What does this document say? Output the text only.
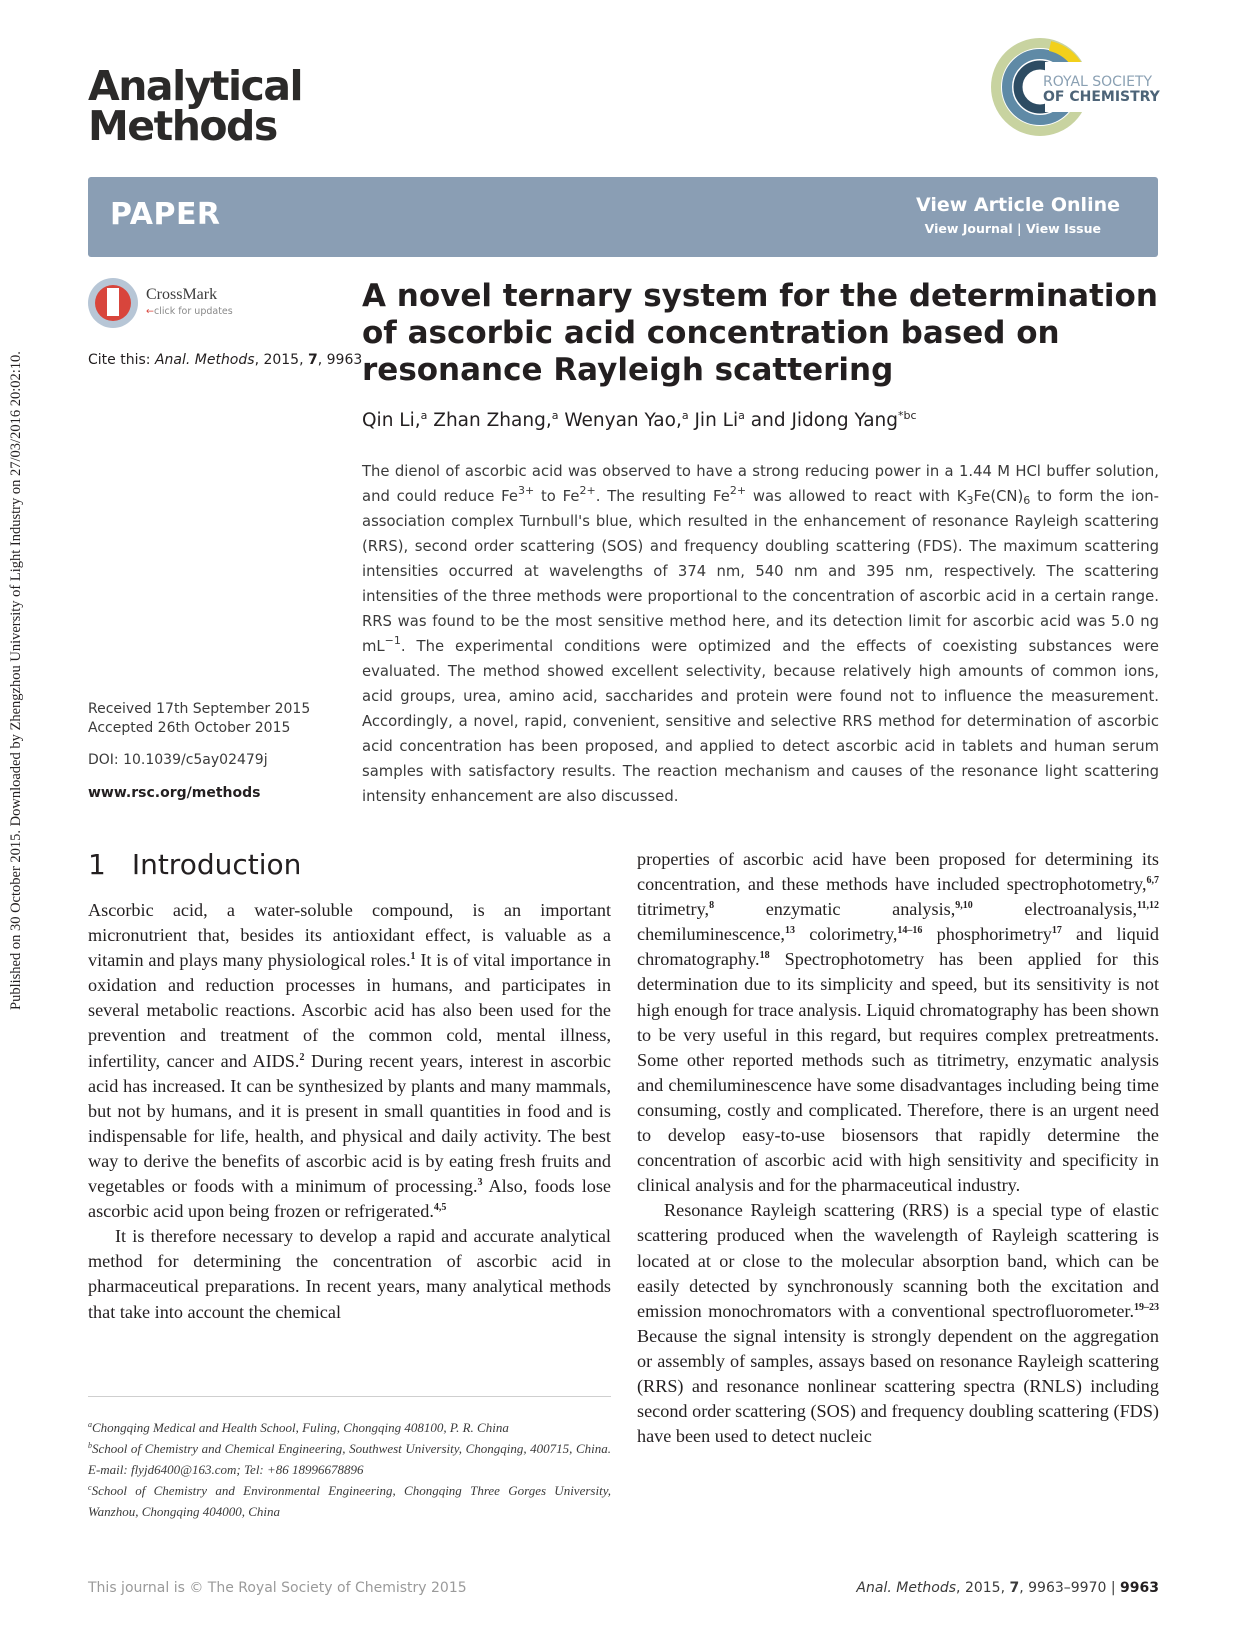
Published on 30 October 2015. Downloaded by Zhengzhou University of Light Industry on 27/03/2016 20:02:10.
Analytical
Methods
ROYAL SOCIETY
OF CHEMISTRY
PAPER	View Article Online
View Journal | View Issue
CrossMark
←click for updates
Cite this: Anal. Methods, 2015, 7, 9963
A novel ternary system for the determination of ascorbic acid concentration based on resonance Rayleigh scattering
Qin Li,$^a$ Zhan Zhang,$^a$ Wenyan Yao,$^a$ Jin Li$^a$ and Jidong Yang$^{*bc}$
The dienol of ascorbic acid was observed to have a strong reducing power in a 1.44 M HCl buffer solution, and could reduce $Fe^{3+}$ to $Fe^{2+}$. The resulting $Fe^{2+}$ was allowed to react with $K_3Fe(CN)_6$ to form the ion-association complex Turnbull's blue, which resulted in the enhancement of resonance Rayleigh scattering (RRS), second order scattering (SOS) and frequency doubling scattering (FDS). The maximum scattering intensities occurred at wavelengths of 374 nm, 540 nm and 395 nm, respectively. The scattering intensities of the three methods were proportional to the concentration of ascorbic acid in a certain range. RRS was found to be the most sensitive method here, and its detection limit for ascorbic acid was 5.0 ng $mL^{-1}$. The experimental conditions were optimized and the effects of coexisting substances were evaluated. The method showed excellent selectivity, because relatively high amounts of common ions, acid groups, urea, amino acid, saccharides and protein were found not to influence the measurement. Accordingly, a novel, rapid, convenient, sensitive and selective RRS method for determination of ascorbic acid concentration has been proposed, and applied to detect ascorbic acid in tablets and human serum samples with satisfactory results. The reaction mechanism and causes of the resonance light scattering intensity enhancement are also discussed.
Received 17th September 2015
Accepted 26th October 2015
DOI: 10.1039/c5ay02479j
www.rsc.org/methods
1 Introduction

Ascorbic acid, a water-soluble compound, is an important micronutrient that, besides its antioxidant effect, is valuable as a vitamin and plays many physiological roles.$^1$ It is of vital importance in oxidation and reduction processes in humans, and participates in several metabolic reactions. Ascorbic acid has also been used for the prevention and treatment of the common cold, mental illness, infertility, cancer and AIDS.$^2$ During recent years, interest in ascorbic acid has increased. It can be synthesized by plants and many mammals, but not by humans, and it is present in small quantities in food and is indispensable for life, health, and physical and daily activity. The best way to derive the benefits of ascorbic acid is by eating fresh fruits and vegetables or foods with a minimum of processing.$^3$ Also, foods lose ascorbic acid upon being frozen or refrigerated.$^{4,5}$

It is therefore necessary to develop a rapid and accurate analytical method for determining the concentration of ascorbic acid in pharmaceutical preparations. In recent years, many analytical methods that take into account the chemical

properties of ascorbic acid have been proposed for determining its concentration, and these methods have included spectrophotometry,$^{6,7}$ titrimetry,$^8$ enzymatic analysis,$^{9,10}$ electroanalysis,$^{11,12}$ chemiluminescence,$^{13}$ colorimetry,$^{14-16}$ phosphorimetry$^{17}$ and liquid chromatography.$^{18}$ Spectrophotometry has been applied for this determination due to its simplicity and speed, but its sensitivity is not high enough for trace analysis. Liquid chromatography has been shown to be very useful in this regard, but requires complex pretreatments. Some other reported methods such as titrimetry, enzymatic analysis and chemiluminescence have some disadvantages including being time consuming, costly and complicated. Therefore, there is an urgent need to develop easy-to-use biosensors that rapidly determine the concentration of ascorbic acid with high sensitivity and specificity in clinical analysis and for the pharmaceutical industry.

Resonance Rayleigh scattering (RRS) is a special type of elastic scattering produced when the wavelength of Rayleigh scattering is located at or close to the molecular absorption band, which can be easily detected by synchronously scanning both the excitation and emission monochromators with a conventional spectrofluorometer.$^{19-23}$ Because the signal intensity is strongly dependent on the aggregation or assembly of samples, assays based on resonance Rayleigh scattering (RRS) and resonance nonlinear scattering spectra (RNLS) including second order scattering (SOS) and frequency doubling scattering (FDS) have been used to detect nucleic

$^a$Chongqing Medical and Health School, Fuling, Chongqing 408100, P. R. China

$^b$School of Chemistry and Chemical Engineering, Southwest University, Chongqing, 400715, China. E-mail: flyjd6400@163.com; Tel: +86 18996678896

$^c$School of Chemistry and Environmental Engineering, Chongqing Three Gorges University, Wanzhou, Chongqing 404000, China

This journal is © The Royal Society of Chemistry 2015	Anal. Methods, 2015, 7, 9963–9970 | 9963
